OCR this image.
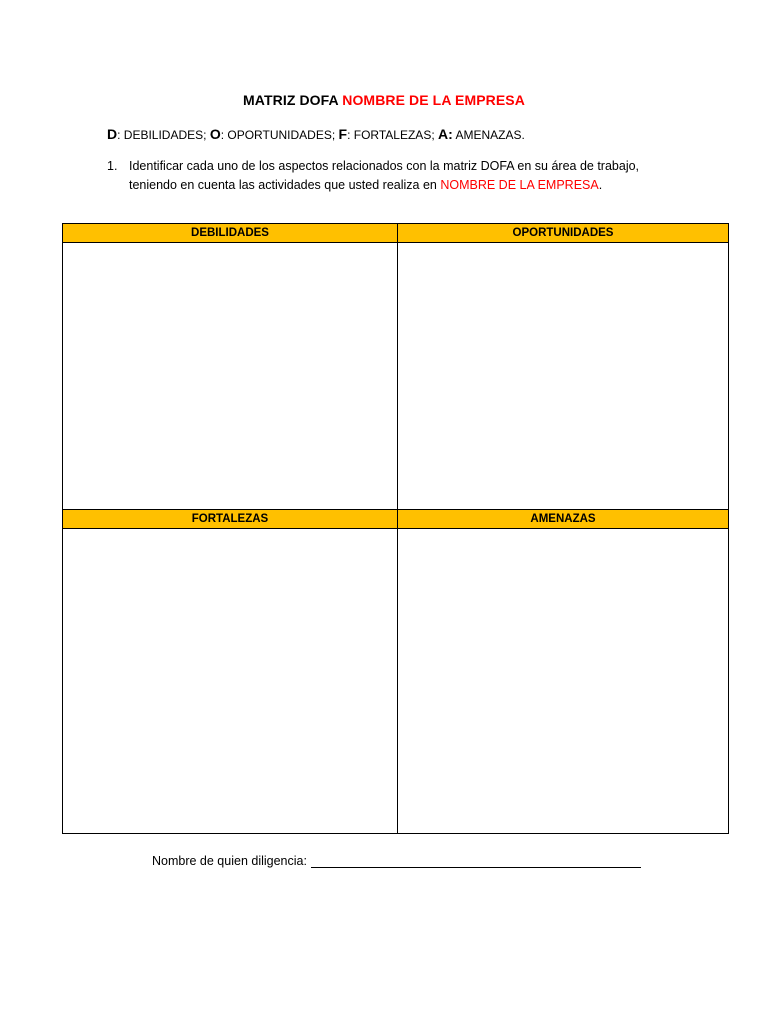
MATRIZ DOFA NOMBRE DE LA EMPRESA
D: DEBILIDADES; O: OPORTUNIDADES; F: FORTALEZAS; A: AMENAZAS.
1. Identificar cada uno de los aspectos relacionados con la matriz DOFA en su área de trabajo,
teniendo en cuenta las actividades que usted realiza en NOMBRE DE LA EMPRESA.
DEBILIDADES	OPORTUNIDADES
FORTALEZAS	AMENAZAS
Nombre de quien diligencia:
